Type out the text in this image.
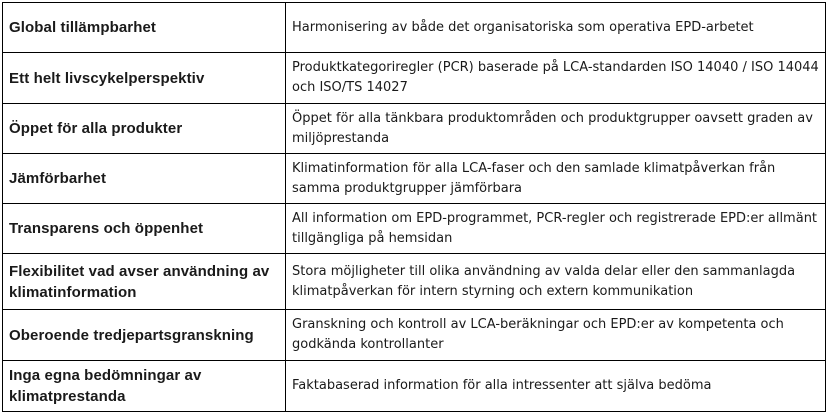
Global tillämpbarhet	Harmonisering av både det organisatoriska som operativa EPD-arbetet
Ett helt livscykelperspektiv	Produktkategoriregler (PCR) baserade på LCA-standarden ISO 14040 / ISO 14044 och ISO/TS 14027
Öppet för alla produkter	Öppet för alla tänkbara produktområden och produktgrupper oavsett graden av miljöprestanda
Jämförbarhet	Klimatinformation för alla LCA-faser och den samlade klimatpåverkan från samma produktgrupper jämförbara
Transparens och öppenhet	All information om EPD-programmet, PCR-regler och registrerade EPD:er allmänt tillgängliga på hemsidan
Flexibilitet vad avser användning av klimatinformation	Stora möjligheter till olika användning av valda delar eller den sammanlagda klimatpåverkan för intern styrning och extern kommunikation
Oberoende tredjepartsgranskning	Granskning och kontroll av LCA-beräkningar och EPD:er av kompetenta och godkända kontrollanter
Inga egna bedömningar av klimatprestanda	Faktabaserad information för alla intressenter att själva bedöma
